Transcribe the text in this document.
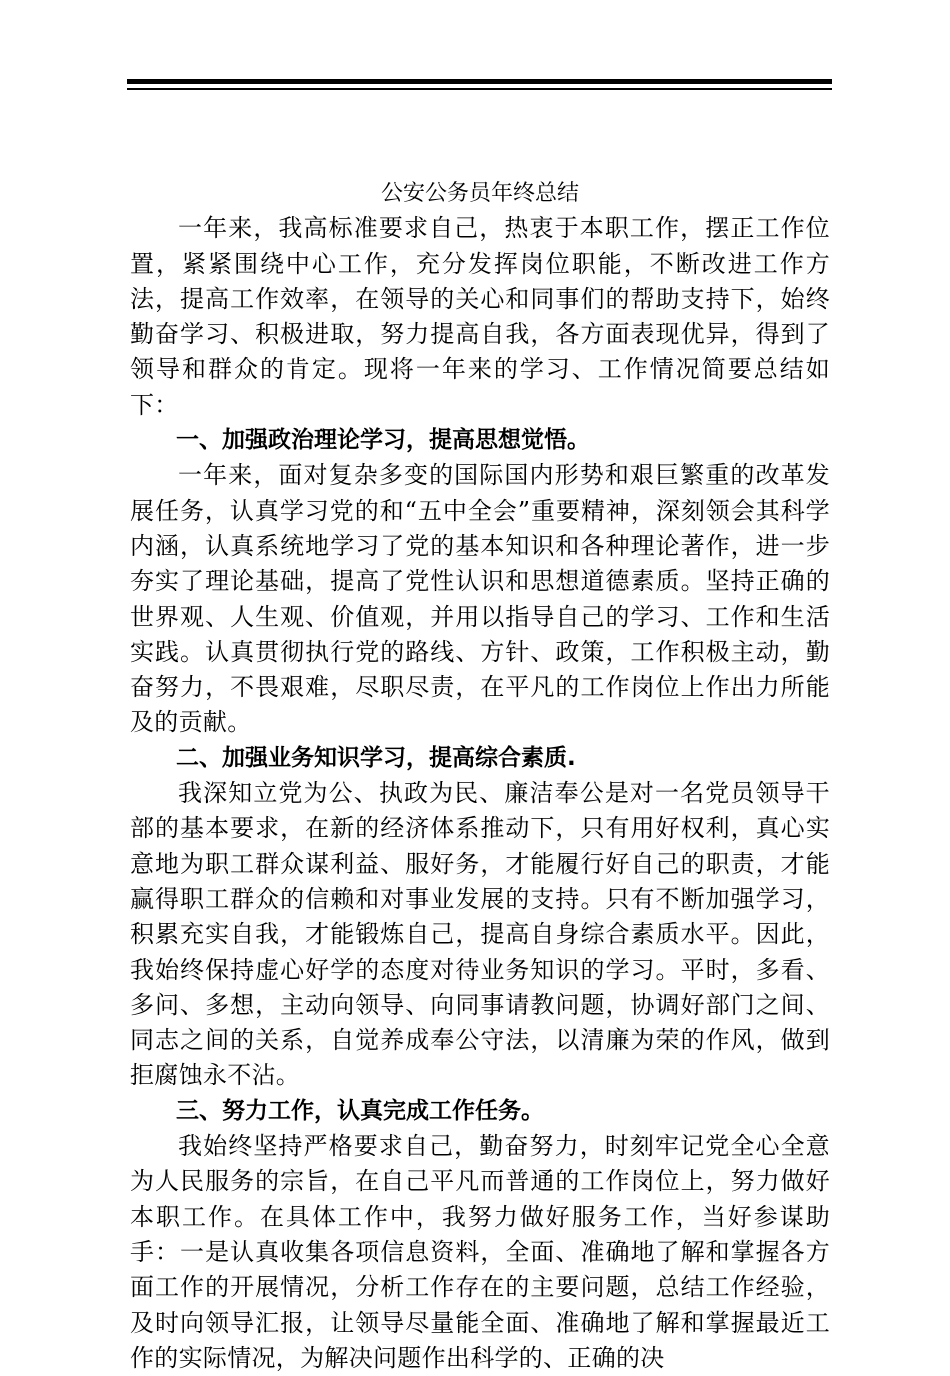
公安公务员年终总结

一年来，我高标准要求自己，热衷于本职工作，摆正工作位置，紧紧围绕中心工作，充分发挥岗位职能，不断改进工作方法，提高工作效率，在领导的关心和同事们的帮助支持下，始终勤奋学习、积极进取，努力提高自我，各方面表现优异，得到了领导和群众的肯定。现将一年来的学习、工作情况简要总结如下：

一、加强政治理论学习，提高思想觉悟。

一年来，面对复杂多变的国际国内形势和艰巨繁重的改革发展任务，认真学习党的和“五中全会”重要精神，深刻领会其科学内涵，认真系统地学习了党的基本知识和各种理论著作，进一步夯实了理论基础，提高了党性认识和思想道德素质。坚持正确的世界观、人生观、价值观，并用以指导自己的学习、工作和生活实践。认真贯彻执行党的路线、方针、政策，工作积极主动，勤奋努力，不畏艰难，尽职尽责，在平凡的工作岗位上作出力所能及的贡献。

二、加强业务知识学习，提高综合素质.

我深知立党为公、执政为民、廉洁奉公是对一名党员领导干部的基本要求，在新的经济体系推动下，只有用好权利，真心实意地为职工群众谋利益、服好务，才能履行好自己的职责，才能赢得职工群众的信赖和对事业发展的支持。只有不断加强学习，积累充实自我，才能锻炼自己，提高自身综合素质水平。因此，我始终保持虚心好学的态度对待业务知识的学习。平时，多看、多问、多想，主动向领导、向同事请教问题，协调好部门之间、同志之间的关系，自觉养成奉公守法，以清廉为荣的作风，做到拒腐蚀永不沾。

三、努力工作，认真完成工作任务。

我始终坚持严格要求自己，勤奋努力，时刻牢记党全心全意为人民服务的宗旨，在自己平凡而普通的工作岗位上，努力做好本职工作。在具体工作中，我努力做好服务工作，当好参谋助手：一是认真收集各项信息资料，全面、准确地了解和掌握各方面工作的开展情况，分析工作存在的主要问题，总结工作经验，及时向领导汇报，让领导尽量能全面、准确地了解和掌握最近工作的实际情况，为解决问题作出科学的、正确的决
